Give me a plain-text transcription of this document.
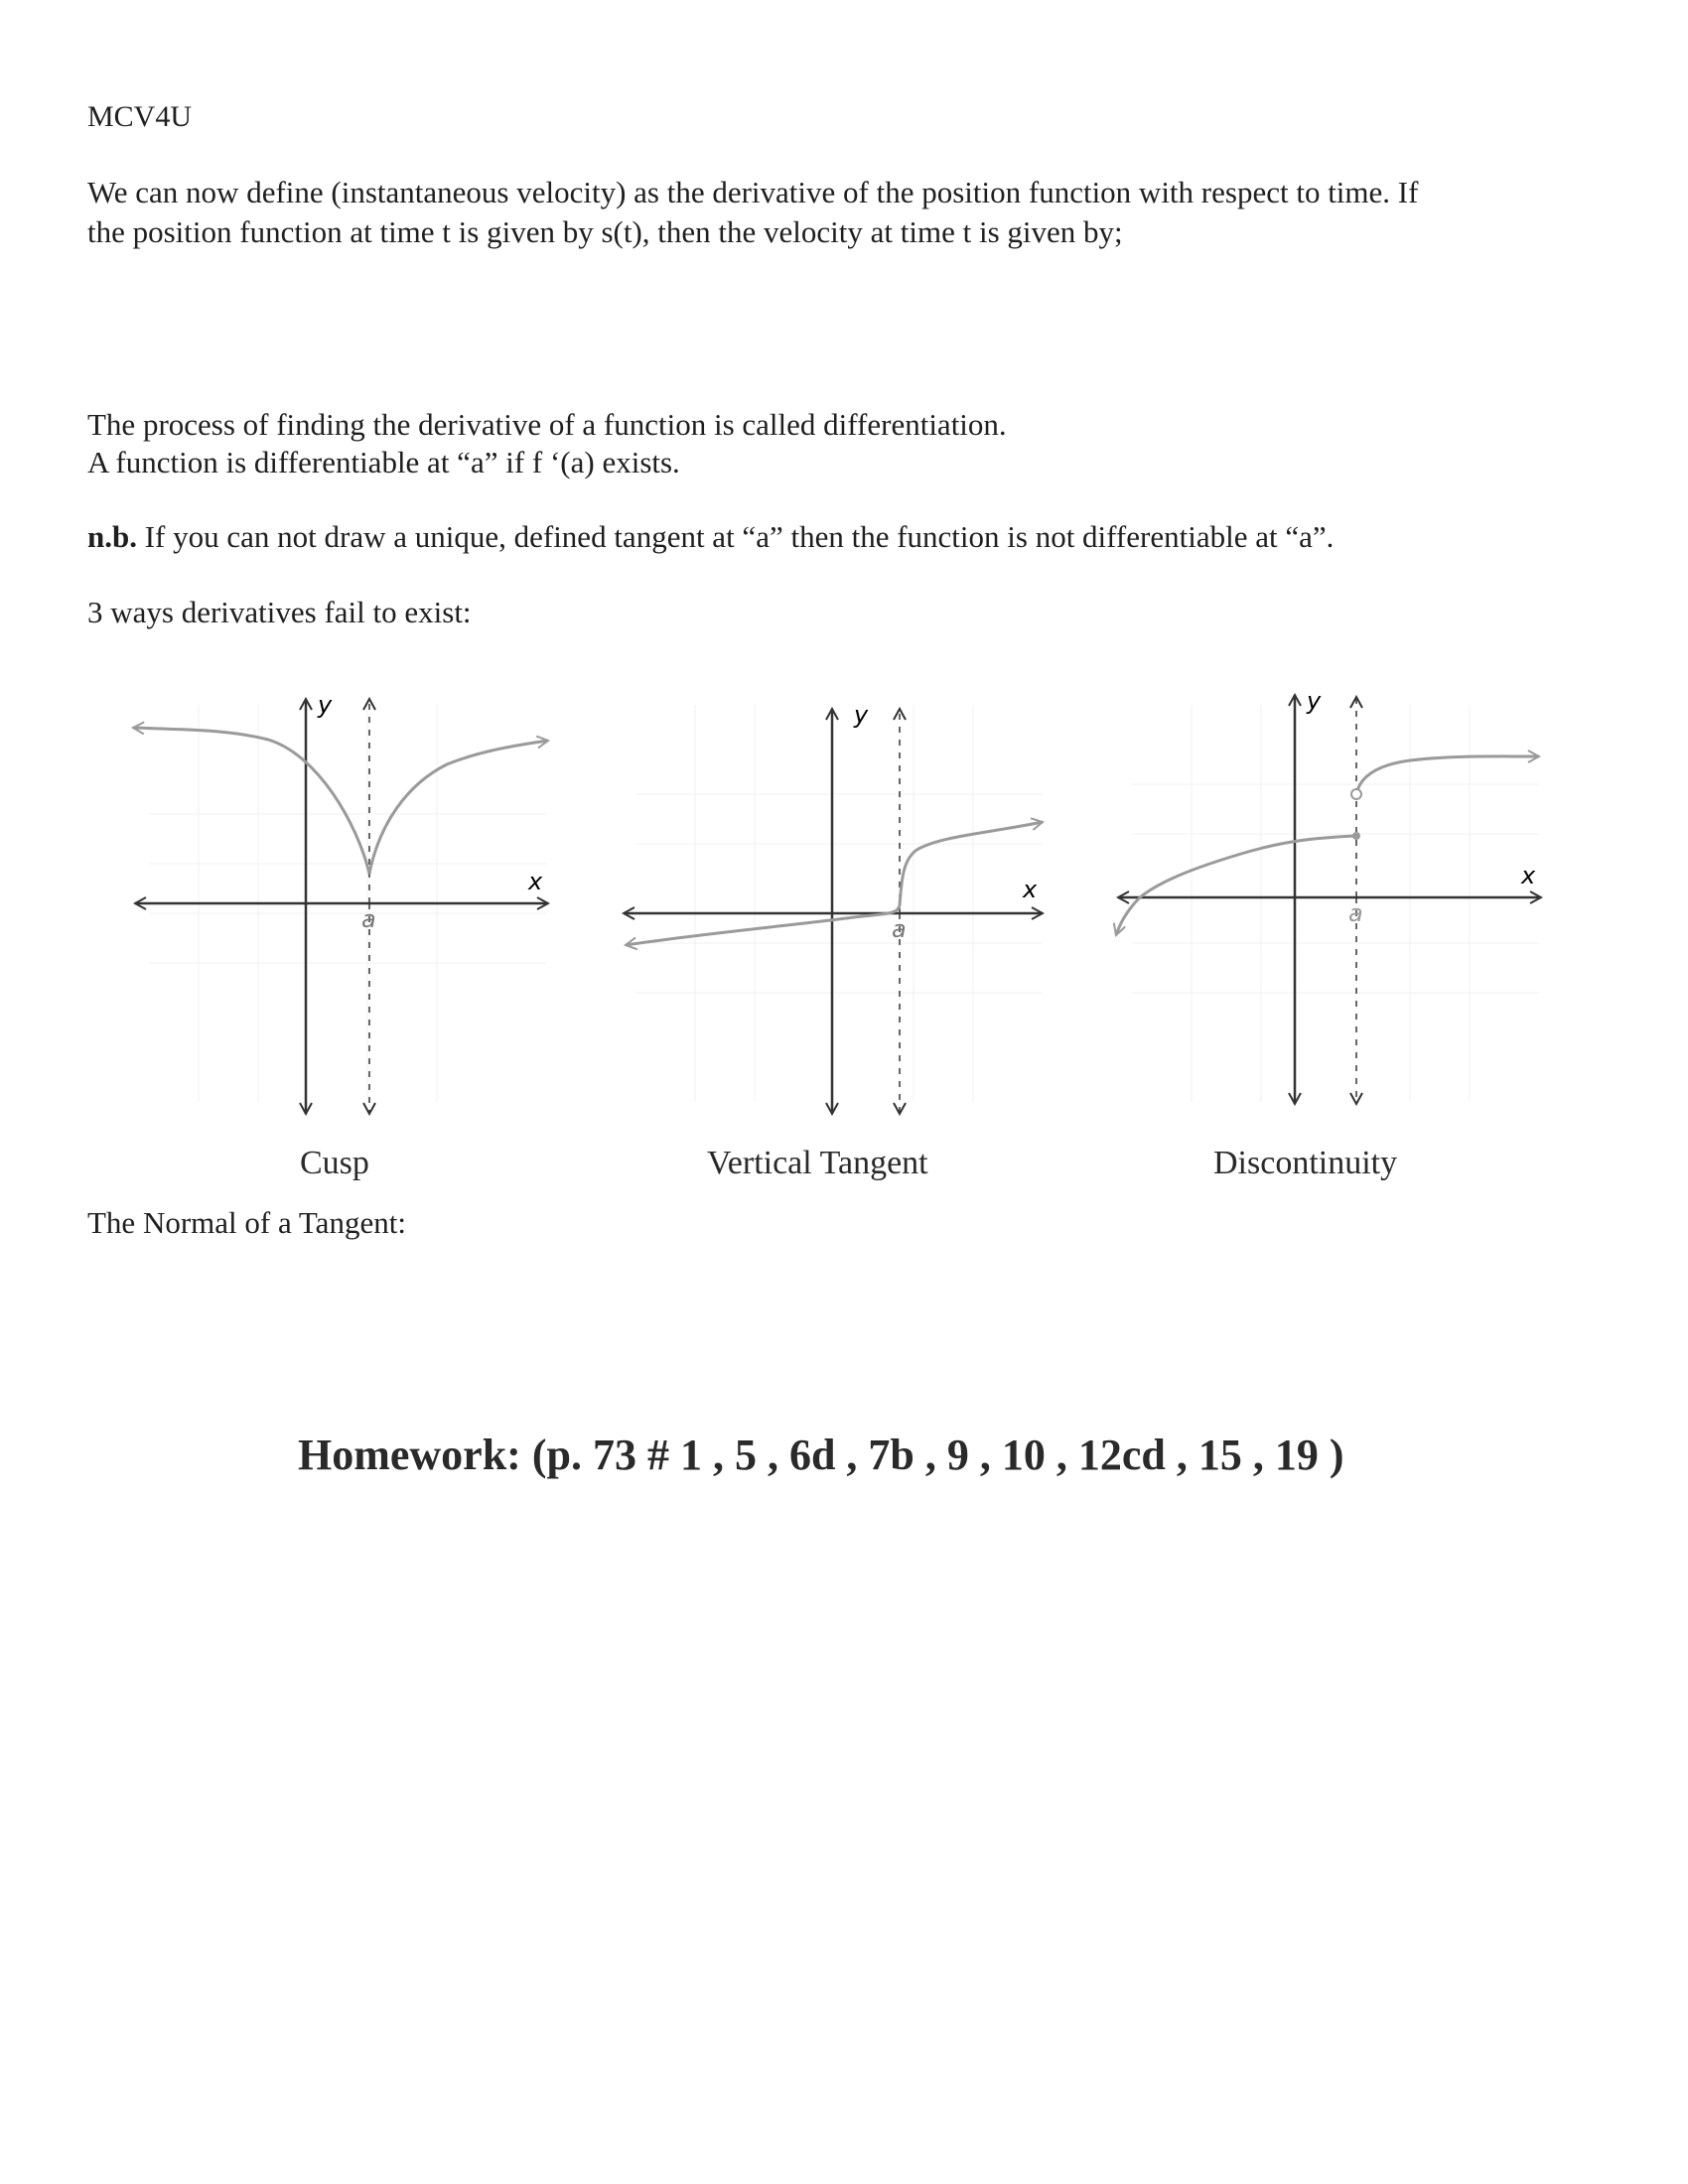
MCV4U
We can now define (instantaneous velocity) as the derivative of the position function with respect to time. If
the position function at time t is given by s(t), then the velocity at time t is given by;
The process of finding the derivative of a function is called differentiation.
A function is differentiable at “a” if f ‘(a) exists.
n.b. If you can not draw a unique, defined tangent at “a” then the function is not differentiable at “a”.
3 ways derivatives fail to exist:
y
x
a
y
x
a
y
x
a
Cusp	Vertical Tangent	Discontinuity
The Normal of a Tangent:
Homework: (p. 73 # 1 , 5 , 6d , 7b , 9 , 10 , 12cd , 15 , 19 )
